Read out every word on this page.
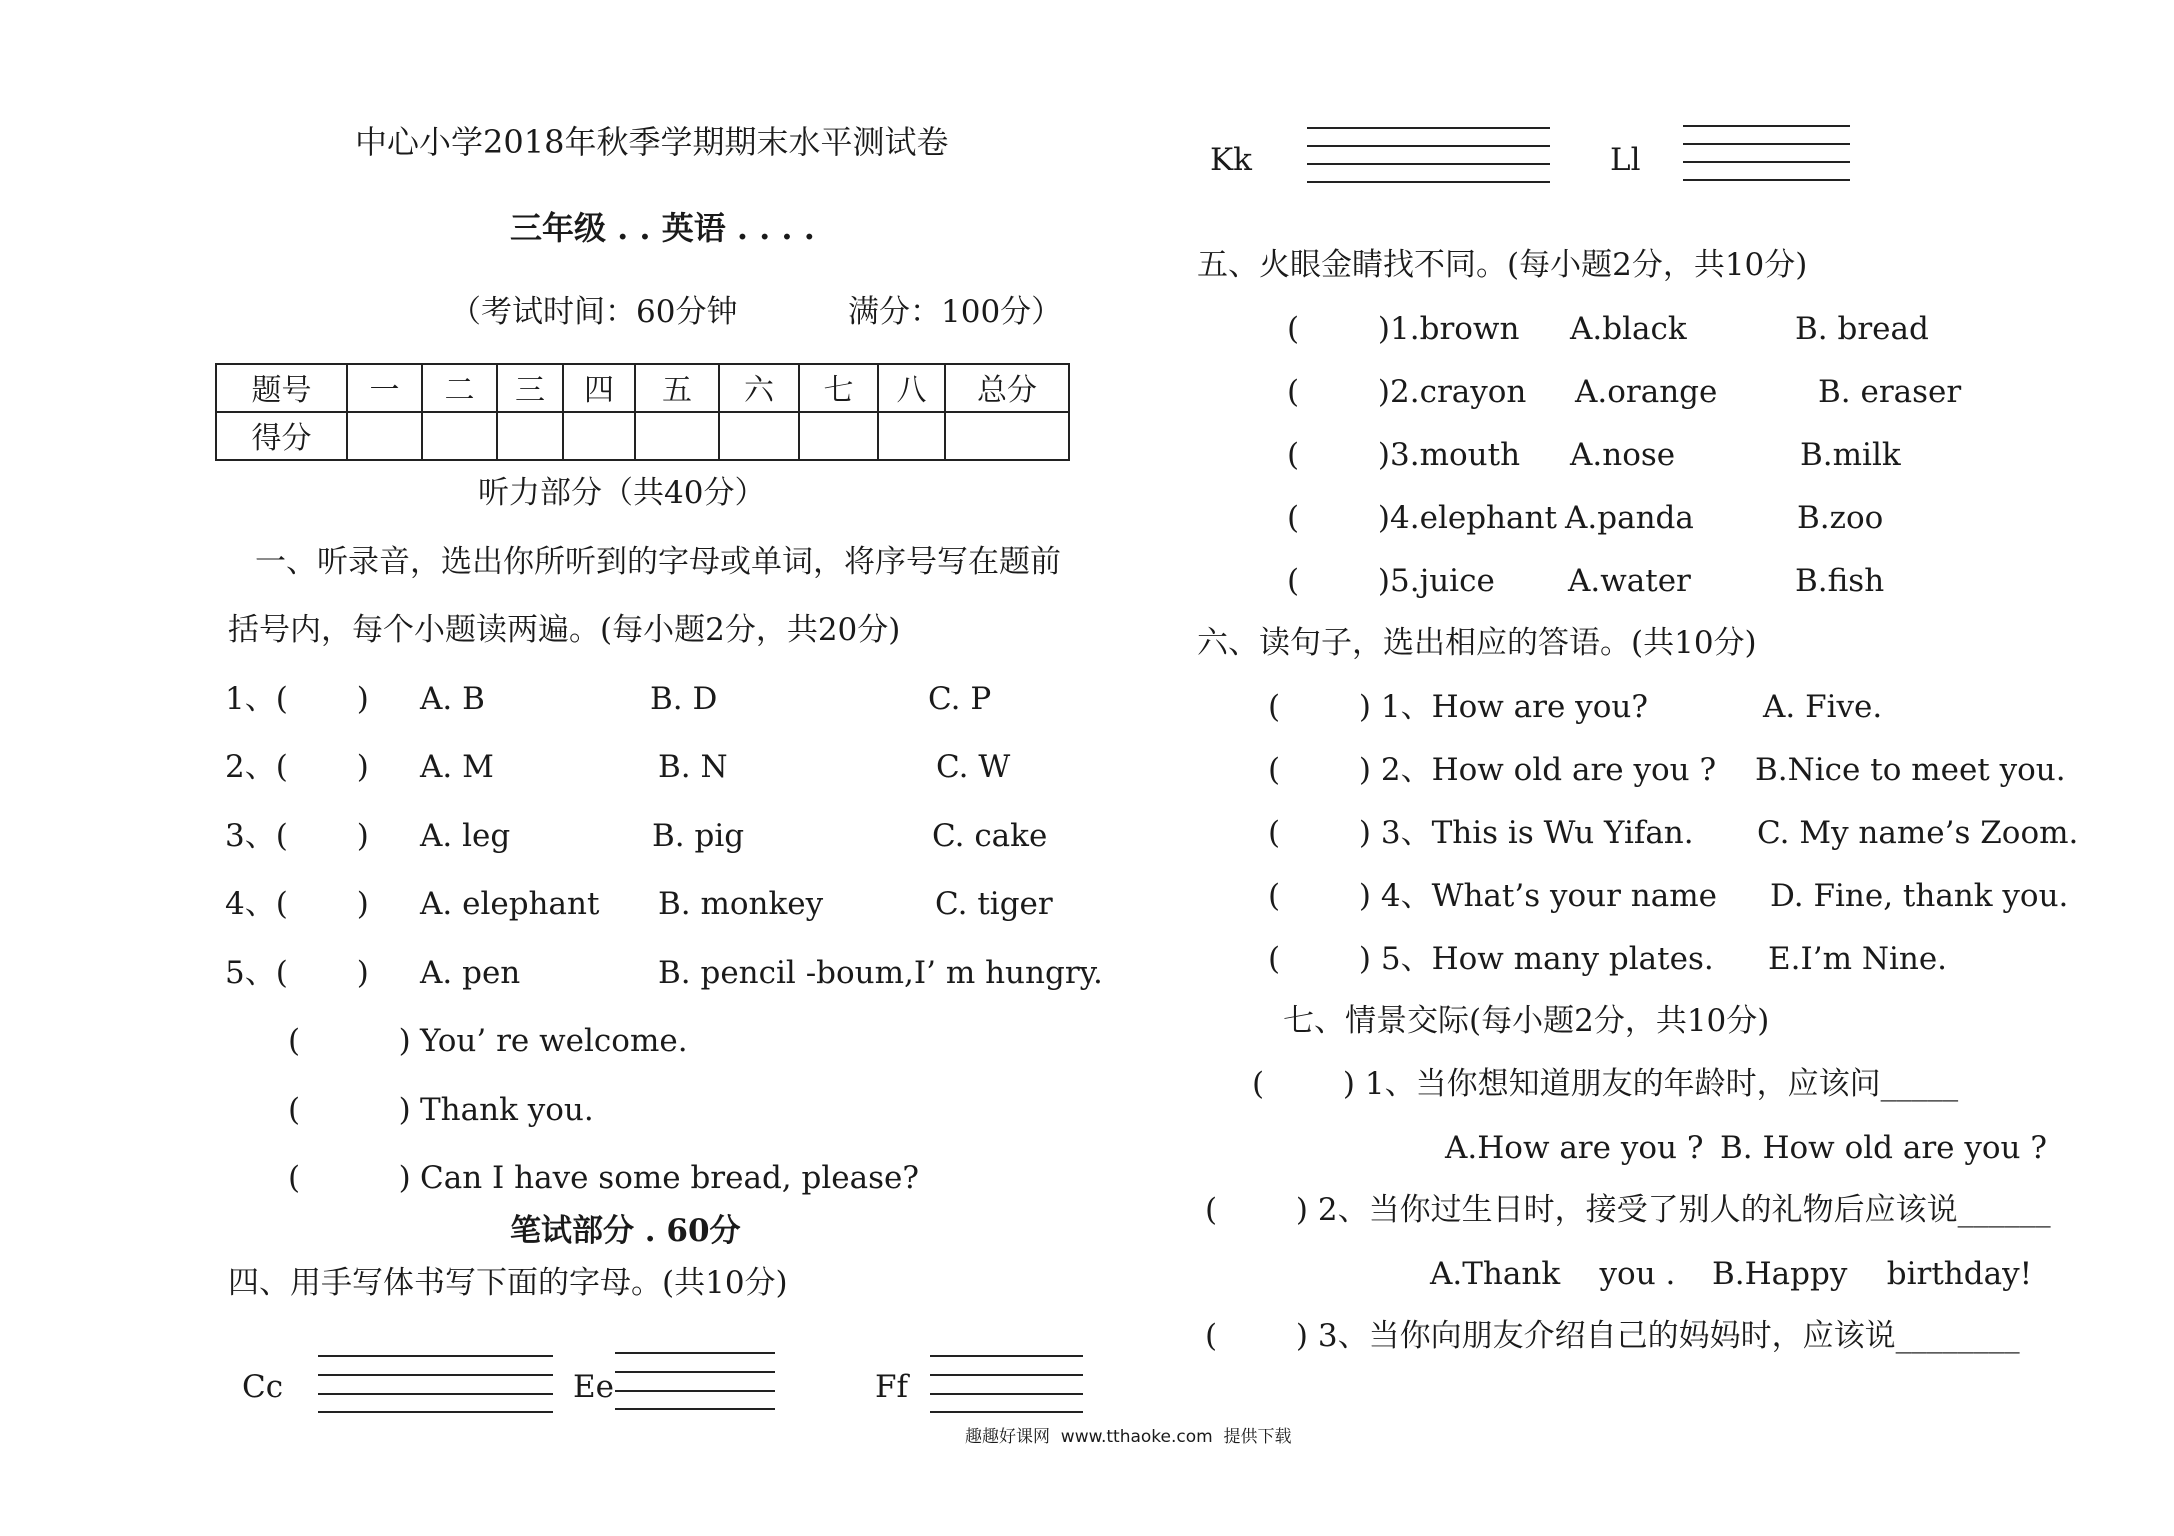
中心小学2018年秋季学期期末水平测试卷
三年级 . . 英语 . . . .
（考试时间：60分钟	满分：100分）
题号	一	二	三	四	五	六	七	八	总分
得分									
听力部分（共40分）
一、听录音，选出你所听到的字母或单词，将序号写在题前
括号内，每个小题读两遍。(每小题2分，共20分)
1、(       ) A. B	B. D	C. P
2、(       ) A. M	B. N	C. W
3、(       ) A. leg	B. pig	C. cake
4、(       ) A. elephant B. monkey	C. tiger
5、(       ) A. pen	B. pencil -boum,I’ m hungry.
(          ) You’ re welcome.
(          ) Thank you.
(          ) Can I have some bread, please?
笔试部分 . 60分
四、用手写体书写下面的字母。(共10分)
Cc	Ee	Ff
Kk	Ll
五、火眼金睛找不同。(每小题2分，共10分)
(        )1.brown A.black	B. bread
(        )2.crayon A.orange	B. eraser
(        )3.mouth A.nose	B.milk
(        )4.elephant A.panda	B.zoo
(        )5.juice A.water	B.fish
六、读句子，选出相应的答语。(共10分)
(        ) 1、How are you?	A. Five.
(        ) 2、How old are you ? B.Nice to meet you.
(        ) 3、This is Wu Yifan. C. My name’s Zoom.
(        ) 4、What’s your name D. Fine, thank you.
(        ) 5、How many plates. E.I’m Nine.
七、情景交际(每小题2分，共10分)
(        ) 1、当你想知道朋友的年龄时，应该问_____
A.How are you ? B. How old are you ?
(        ) 2、当你过生日时，接受了别人的礼物后应该说______
A.Thank    you . B.Happy    birthday!
(        ) 3、当你向朋友介绍自己的妈妈时，应该说________
趣趣好课网  www.tthaoke.com  提供下载
